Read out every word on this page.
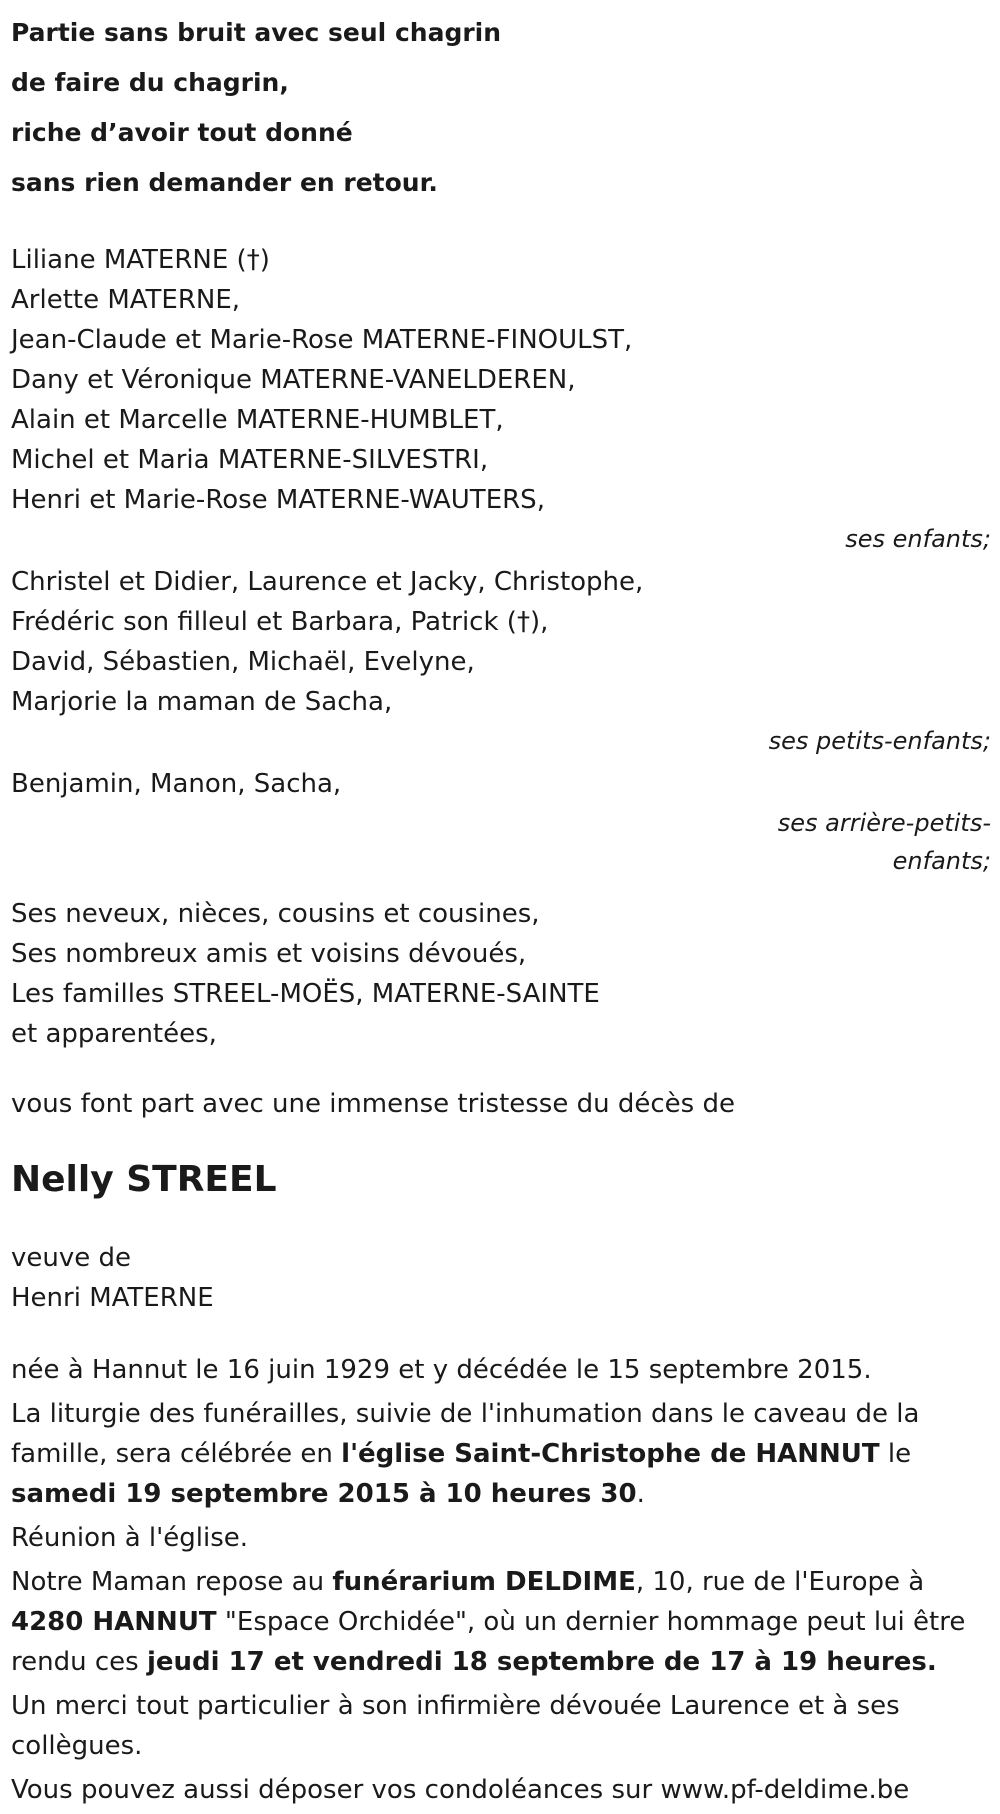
Partie sans bruit avec seul chagrin
de faire du chagrin,
riche d’avoir tout donné
sans rien demander en retour.
Liliane MATERNE (†)
Arlette MATERNE,
Jean-Claude et Marie-Rose MATERNE-FINOULST,
Dany et Véronique MATERNE-VANELDEREN,
Alain et Marcelle MATERNE-HUMBLET,
Michel et Maria MATERNE-SILVESTRI,
Henri et Marie-Rose MATERNE-WAUTERS,
ses enfants;
Christel et Didier, Laurence et Jacky, Christophe,
Frédéric son filleul et Barbara, Patrick (†),
David, Sébastien, Michaël, Evelyne,
Marjorie la maman de Sacha,
ses petits-enfants;
Benjamin, Manon, Sacha,
ses arrière-petits-
enfants;
Ses neveux, nièces, cousins et cousines,
Ses nombreux amis et voisins dévoués,
Les familles STREEL-MOËS, MATERNE-SAINTE
et apparentées,
vous font part avec une immense tristesse du décès de
Nelly STREEL
veuve de
Henri MATERNE
née à Hannut le 16 juin 1929 et y décédée le 15 septembre 2015.
La liturgie des funérailles, suivie de l'inhumation dans le caveau de la famille, sera célébrée en l'église Saint-Christophe de HANNUT le samedi 19 septembre 2015 à 10 heures 30.
Réunion à l'église.
Notre Maman repose au funérarium DELDIME, 10, rue de l'Europe à 4280 HANNUT "Espace Orchidée", où un dernier hommage peut lui être rendu ces jeudi 17 et vendredi 18 septembre de 17 à 19 heures.
Un merci tout particulier à son infirmière dévouée Laurence et à ses collègues.
Vous pouvez aussi déposer vos condoléances sur www.pf-deldime.be
